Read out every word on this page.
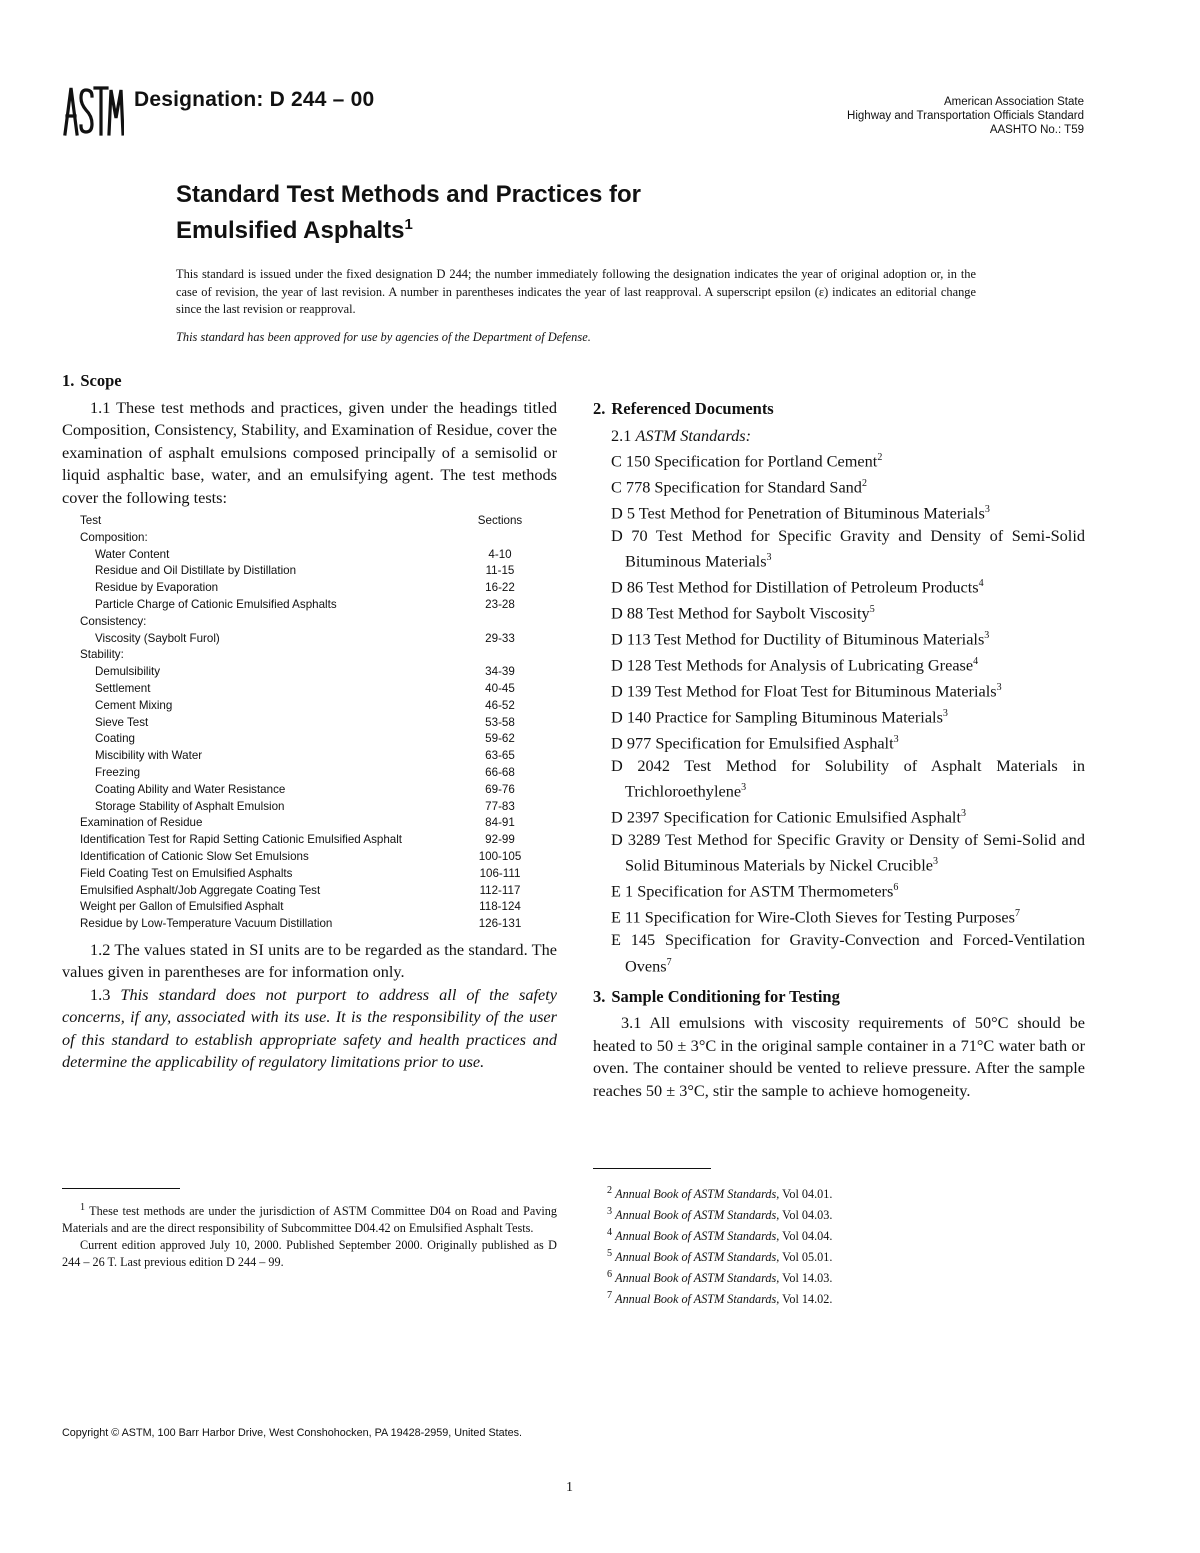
Designation: D 244 – 00	American Association State
Highway and Transportation Officials Standard
AASHTO No.: T59
Standard Test Methods and Practices for
Emulsified Asphalts$^1$
This standard is issued under the fixed designation D 244; the number immediately following the designation indicates the year of original adoption or, in the case of revision, the year of last revision. A number in parentheses indicates the year of last reapproval. A superscript epsilon (ε) indicates an editorial change since the last revision or reapproval.
This standard has been approved for use by agencies of the Department of Defense.
1. Scope

1.1 These test methods and practices, given under the headings titled Composition, Consistency, Stability, and Examination of Residue, cover the examination of asphalt emulsions composed principally of a semisolid or liquid asphaltic base, water, and an emulsifying agent. The test methods cover the following tests:

Test	Sections
Composition:	
Water Content	4-10
Residue and Oil Distillate by Distillation	11-15
Residue by Evaporation	16-22
Particle Charge of Cationic Emulsified Asphalts	23-28
Consistency:	
Viscosity (Saybolt Furol)	29-33
Stability:	
Demulsibility	34-39
Settlement	40-45
Cement Mixing	46-52
Sieve Test	53-58
Coating	59-62
Miscibility with Water	63-65
Freezing	66-68
Coating Ability and Water Resistance	69-76
Storage Stability of Asphalt Emulsion	77-83
Examination of Residue	84-91
Identification Test for Rapid Setting Cationic Emulsified Asphalt	92-99
Identification of Cationic Slow Set Emulsions	100-105
Field Coating Test on Emulsified Asphalts	106-111
Emulsified Asphalt/Job Aggregate Coating Test	112-117
Weight per Gallon of Emulsified Asphalt	118-124
Residue by Low-Temperature Vacuum Distillation	126-131

1.2 The values stated in SI units are to be regarded as the standard. The values given in parentheses are for information only.

1.3 This standard does not purport to address all of the safety concerns, if any, associated with its use. It is the responsibility of the user of this standard to establish appropriate safety and health practices and determine the applicability of regulatory limitations prior to use.

2. Referenced Documents

2.1 ASTM Standards:

C 150 Specification for Portland Cement$^2$
C 778 Specification for Standard Sand$^2$
D 5 Test Method for Penetration of Bituminous Materials$^3$
D 70 Test Method for Specific Gravity and Density of Semi-Solid Bituminous Materials$^3$
D 86 Test Method for Distillation of Petroleum Products$^4$
D 88 Test Method for Saybolt Viscosity$^5$
D 113 Test Method for Ductility of Bituminous Materials$^3$
D 128 Test Methods for Analysis of Lubricating Grease$^4$
D 139 Test Method for Float Test for Bituminous Materials$^3$
D 140 Practice for Sampling Bituminous Materials$^3$
D 977 Specification for Emulsified Asphalt$^3$
D 2042 Test Method for Solubility of Asphalt Materials in Trichloroethylene$^3$
D 2397 Specification for Cationic Emulsified Asphalt$^3$
D 3289 Test Method for Specific Gravity or Density of Semi-Solid and Solid Bituminous Materials by Nickel Crucible$^3$
E 1 Specification for ASTM Thermometers$^6$
E 11 Specification for Wire-Cloth Sieves for Testing Purposes$^7$
E 145 Specification for Gravity-Convection and Forced-Ventilation Ovens$^7$
3. Sample Conditioning for Testing

3.1 All emulsions with viscosity requirements of 50°C should be heated to 50 ± 3°C in the original sample container in a 71°C water bath or oven. The container should be vented to relieve pressure. After the sample reaches 50 ± 3°C, stir the sample to achieve homogeneity.

$^1$ These test methods are under the jurisdiction of ASTM Committee D04 on Road and Paving Materials and are the direct responsibility of Subcommittee D04.42 on Emulsified Asphalt Tests.

Current edition approved July 10, 2000. Published September 2000. Originally published as D 244 – 26 T. Last previous edition D 244 – 99.

$^2$ Annual Book of ASTM Standards, Vol 04.01.

$^3$ Annual Book of ASTM Standards, Vol 04.03.

$^4$ Annual Book of ASTM Standards, Vol 04.04.

$^5$ Annual Book of ASTM Standards, Vol 05.01.

$^6$ Annual Book of ASTM Standards, Vol 14.03.

$^7$ Annual Book of ASTM Standards, Vol 14.02.

Copyright © ASTM, 100 Barr Harbor Drive, West Conshohocken, PA 19428-2959, United States.
1
